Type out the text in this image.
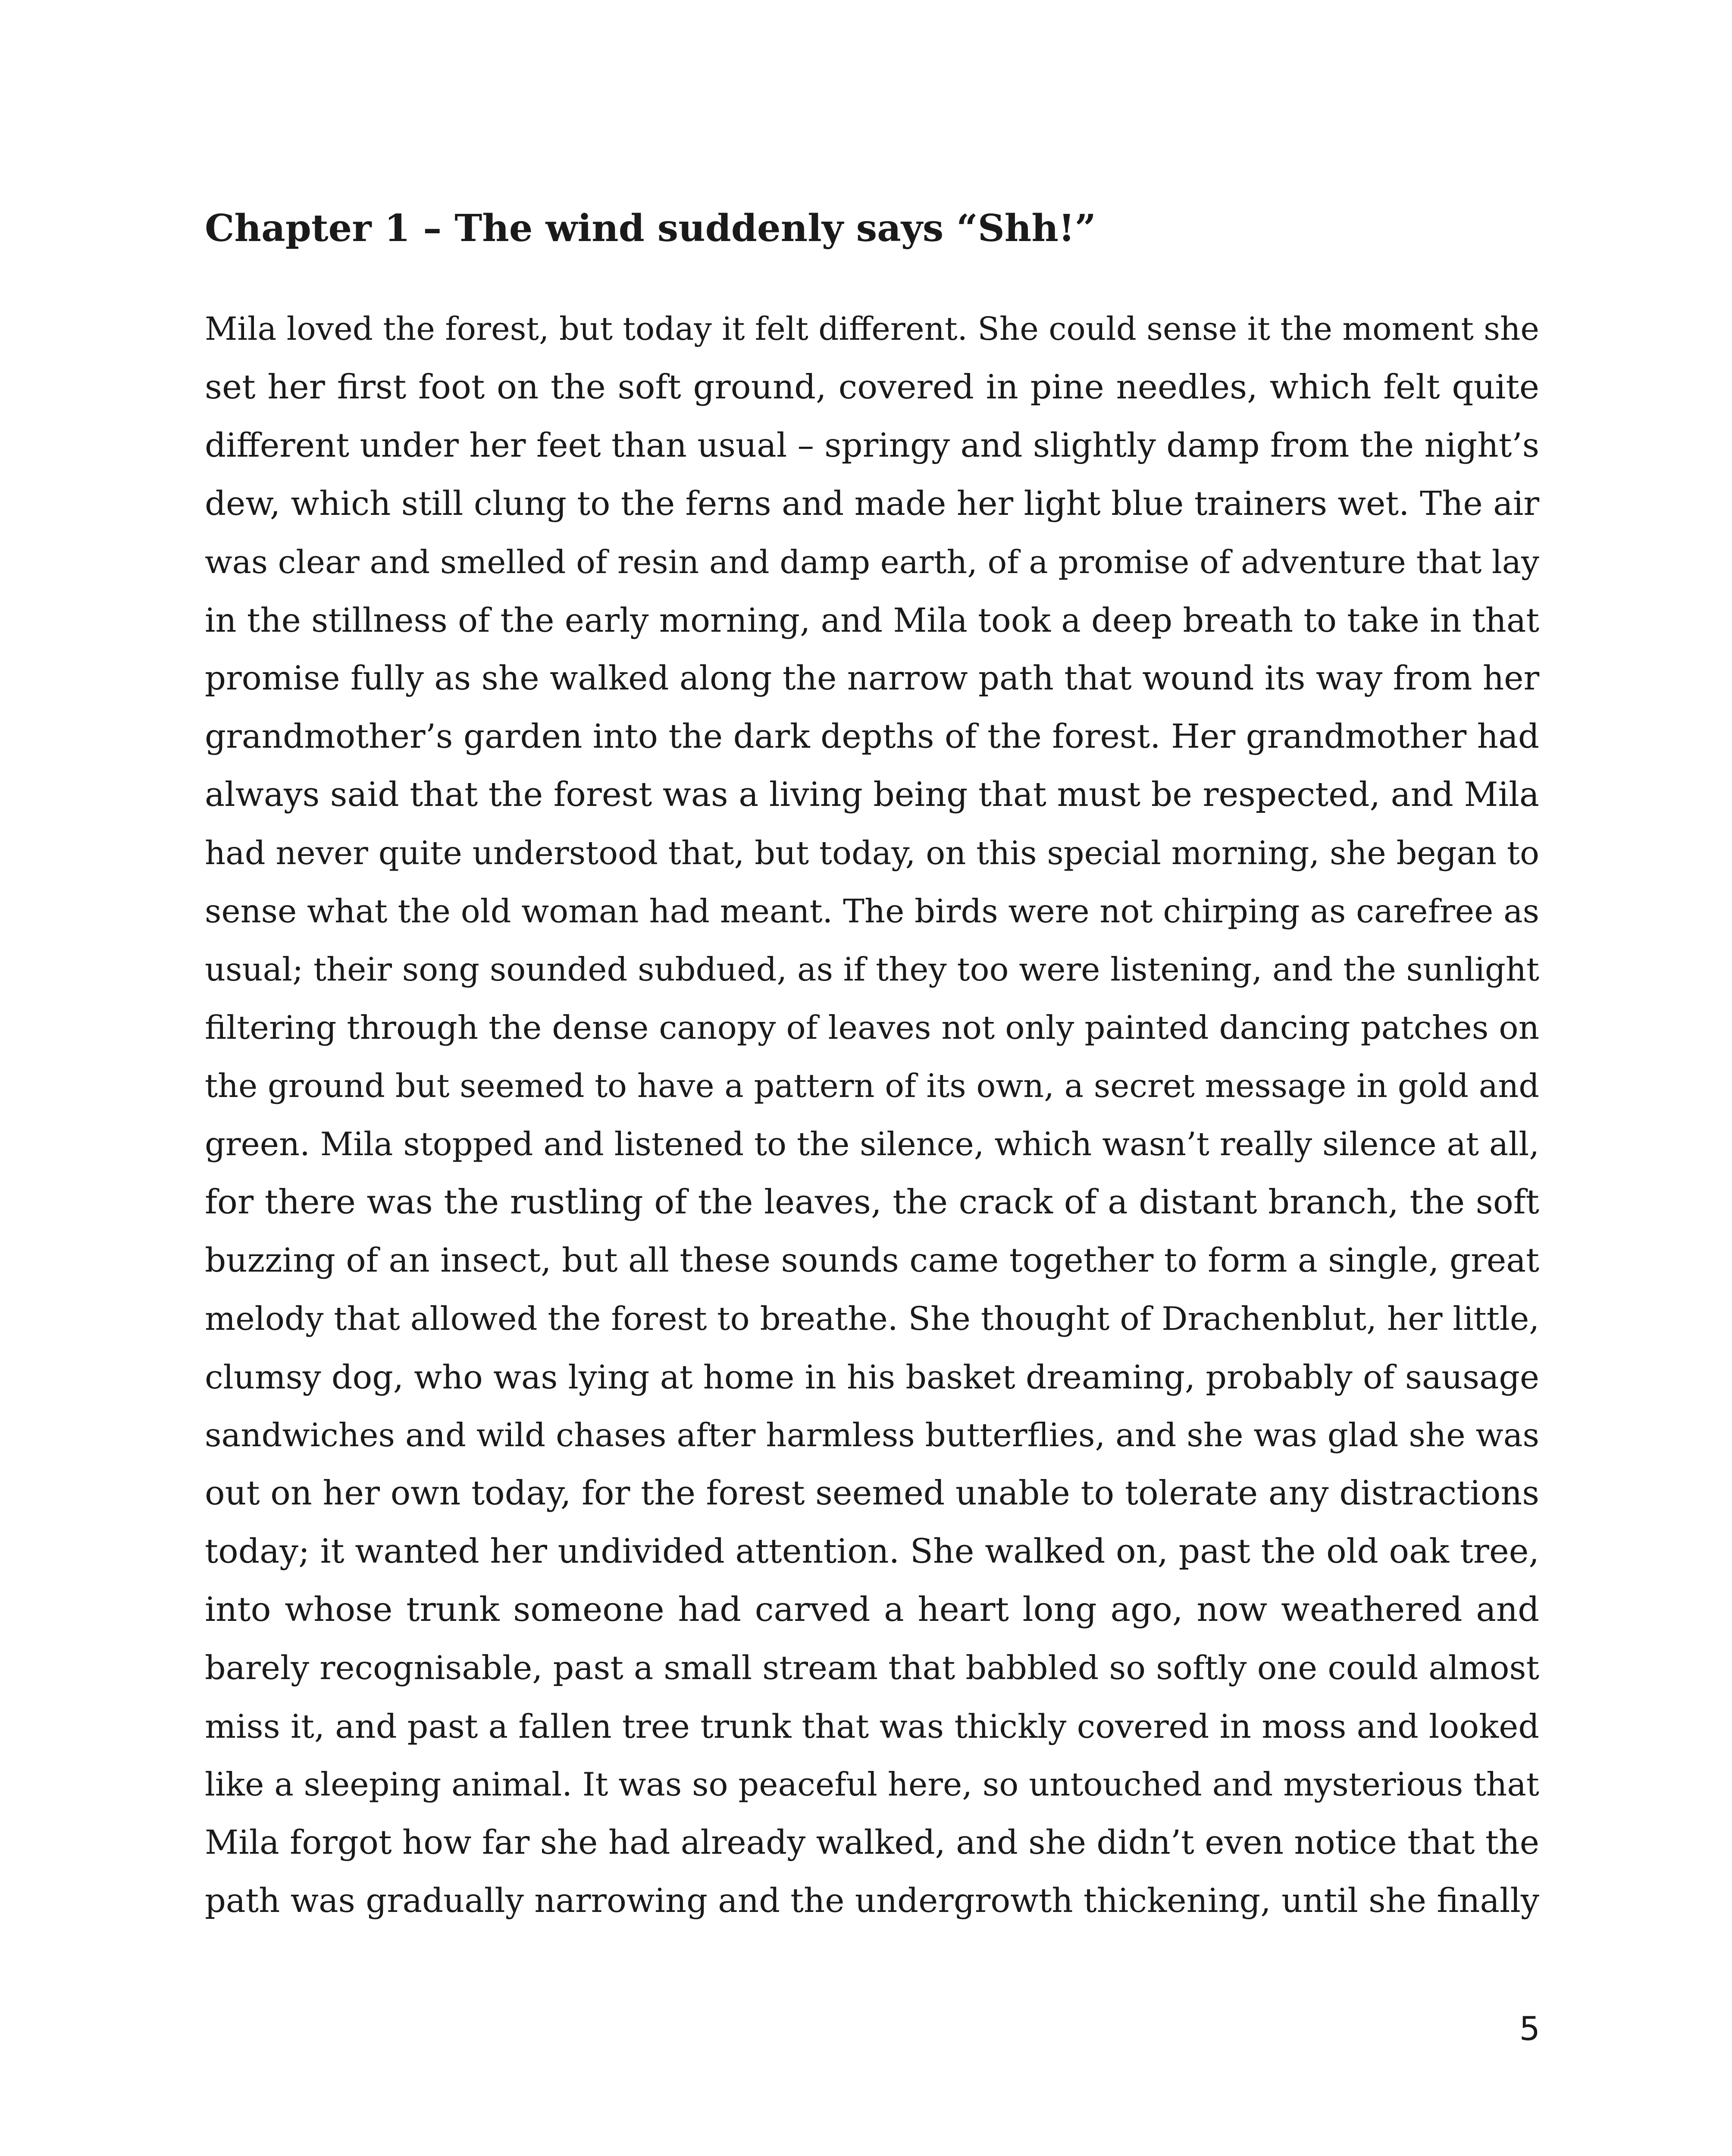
Chapter 1 – The wind suddenly says “Shh!”
Mila loved the forest, but today it felt different. She could sense it the moment she
set her first foot on the soft ground, covered in pine needles, which felt quite
different under her feet than usual – springy and slightly damp from the night’s
dew, which still clung to the ferns and made her light blue trainers wet. The air
was clear and smelled of resin and damp earth, of a promise of adventure that lay
in the stillness of the early morning, and Mila took a deep breath to take in that
promise fully as she walked along the narrow path that wound its way from her
grandmother’s garden into the dark depths of the forest. Her grandmother had
always said that the forest was a living being that must be respected, and Mila
had never quite understood that, but today, on this special morning, she began to
sense what the old woman had meant. The birds were not chirping as carefree as
usual; their song sounded subdued, as if they too were listening, and the sunlight
filtering through the dense canopy of leaves not only painted dancing patches on
the ground but seemed to have a pattern of its own, a secret message in gold and
green. Mila stopped and listened to the silence, which wasn’t really silence at all,
for there was the rustling of the leaves, the crack of a distant branch, the soft
buzzing of an insect, but all these sounds came together to form a single, great
melody that allowed the forest to breathe. She thought of Drachenblut, her little,
clumsy dog, who was lying at home in his basket dreaming, probably of sausage
sandwiches and wild chases after harmless butterflies, and she was glad she was
out on her own today, for the forest seemed unable to tolerate any distractions
today; it wanted her undivided attention. She walked on, past the old oak tree,
into whose trunk someone had carved a heart long ago, now weathered and
barely recognisable, past a small stream that babbled so softly one could almost
miss it, and past a fallen tree trunk that was thickly covered in moss and looked
like a sleeping animal. It was so peaceful here, so untouched and mysterious that
Mila forgot how far she had already walked, and she didn’t even notice that the
path was gradually narrowing and the undergrowth thickening, until she finally
5
